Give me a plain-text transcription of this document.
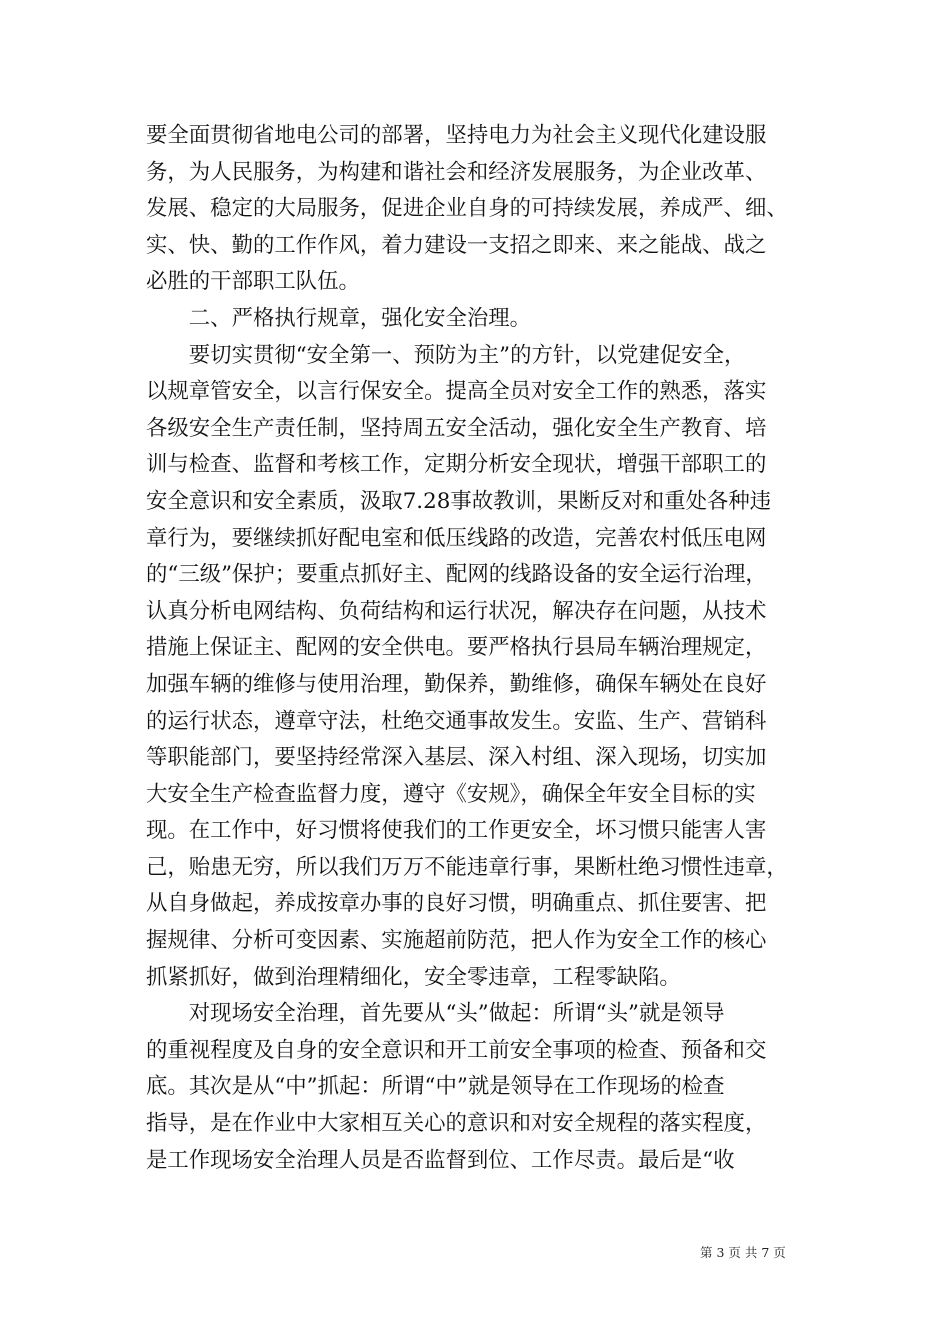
要全面贯彻省地电公司的部署，坚持电力为社会主义现代化建设服
务，为人民服务，为构建和谐社会和经济发展服务，为企业改革、
发展、稳定的大局服务，促进企业自身的可持续发展，养成严、细、
实、快、勤的工作作风，着力建设一支招之即来、来之能战、战之
必胜的干部职工队伍。
　　二、严格执行规章，强化安全治理。
　　要切实贯彻“安全第一、预防为主”的方针，以党建促安全，
以规章管安全，以言行保安全。提高全员对安全工作的熟悉，落实
各级安全生产责任制，坚持周五安全活动，强化安全生产教育、培
训与检查、监督和考核工作，定期分析安全现状，增强干部职工的
安全意识和安全素质，汲取7.28事故教训，果断反对和重处各种违
章行为，要继续抓好配电室和低压线路的改造，完善农村低压电网
的“三级”保护；要重点抓好主、配网的线路设备的安全运行治理，
认真分析电网结构、负荷结构和运行状况，解决存在问题，从技术
措施上保证主、配网的安全供电。要严格执行县局车辆治理规定，
加强车辆的维修与使用治理，勤保养，勤维修，确保车辆处在良好
的运行状态，遵章守法，杜绝交通事故发生。安监、生产、营销科
等职能部门，要坚持经常深入基层、深入村组、深入现场，切实加
大安全生产检查监督力度，遵守《安规》，确保全年安全目标的实
现。在工作中，好习惯将使我们的工作更安全，坏习惯只能害人害
己，贻患无穷，所以我们万万不能违章行事，果断杜绝习惯性违章，
从自身做起，养成按章办事的良好习惯，明确重点、抓住要害、把
握规律、分析可变因素、实施超前防范，把人作为安全工作的核心
抓紧抓好，做到治理精细化，安全零违章，工程零缺陷。
　　对现场安全治理，首先要从“头”做起：所谓“头”就是领导
的重视程度及自身的安全意识和开工前安全事项的检查、预备和交
底。其次是从“中”抓起：所谓“中”就是领导在工作现场的检查
指导，是在作业中大家相互关心的意识和对安全规程的落实程度，
是工作现场安全治理人员是否监督到位、工作尽责。最后是“收
第 3 页 共 7 页
